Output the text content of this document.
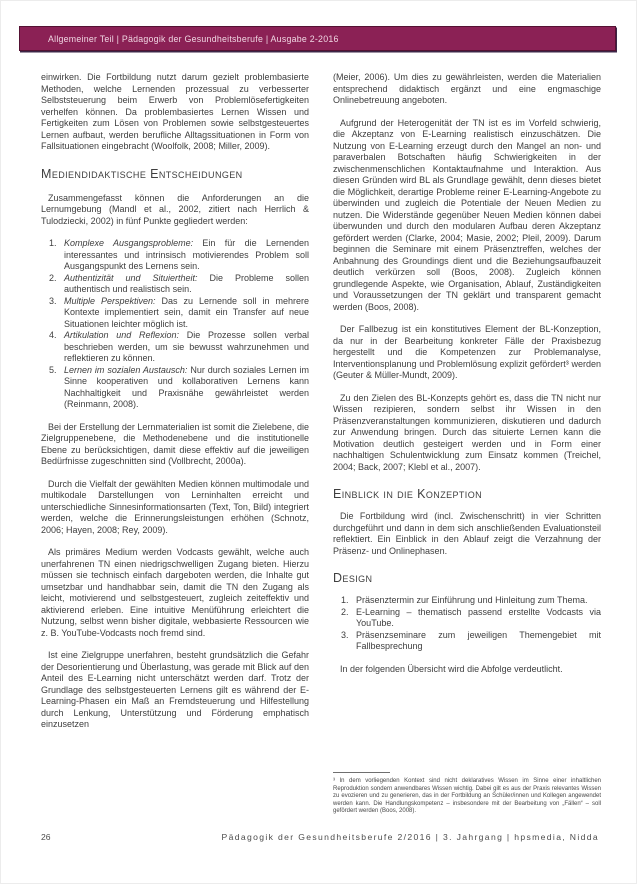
Allgemeiner Teil | Pädagogik der Gesundheitsberufe | Ausgabe 2-2016

einwirken. Die Fortbildung nutzt darum gezielt problembasierte Methoden, welche Lernenden prozessual zu verbesserter Selbststeuerung beim Erwerb von Problemlösefertigkeiten verhelfen können. Da problembasiertes Lernen Wissen und Fertigkeiten zum Lösen von Problemen sowie selbstgesteuertes Lernen aufbaut, werden berufliche Alltagssituationen in Form von Fallsituationen eingebracht (Woolfolk, 2008; Miller, 2009).

Mediendidaktische Entscheidungen

Zusammengefasst können die Anforderungen an die Lernumgebung (Mandl et al., 2002, zitiert nach Herrlich & Tulodziecki, 2002) in fünf Punkte gegliedert werden:

1. Komplexe Ausgangsprobleme: Ein für die Lernenden interessantes und intrinsisch motivierendes Problem soll Ausgangspunkt des Lernens sein.
2. Authentizität und Situiertheit: Die Probleme sollen authentisch und realistisch sein.
3. Multiple Perspektiven: Das zu Lernende soll in mehrere Kontexte implementiert sein, damit ein Transfer auf neue Situationen leichter möglich ist.
4. Artikulation und Reflexion: Die Prozesse sollen verbal beschrieben werden, um sie bewusst wahrzunehmen und reflektieren zu können.
5. Lernen im sozialen Austausch: Nur durch soziales Lernen im Sinne kooperativen und kollaborativen Lernens kann Nachhaltigkeit und Praxisnähe gewährleistet werden (Reinmann, 2008).

Bei der Erstellung der Lernmaterialien ist somit die Zielebene, die Zielgruppenebene, die Methodenebene und die institutionelle Ebene zu berücksichtigen, damit diese effektiv auf die jeweiligen Bedürfnisse zugeschnitten sind (Vollbrecht, 2000a).

Durch die Vielfalt der gewählten Medien können multimodale und multikodale Darstellungen von Lerninhalten erreicht und unterschiedliche Sinnesinformationsarten (Text, Ton, Bild) integriert werden, welche die Erinnerungsleistungen erhöhen (Schnotz, 2006; Hayen, 2008; Rey, 2009).

Als primäres Medium werden Vodcasts gewählt, welche auch unerfahrenen TN einen niedrigschwelligen Zugang bieten. Hierzu müssen sie technisch einfach dargeboten werden, die Inhalte gut umsetzbar und handhabbar sein, damit die TN den Zugang als leicht, motivierend und selbstgesteuert, zugleich zeiteffektiv und aktivierend erleben. Eine intuitive Menüführung erleichtert die Nutzung, selbst wenn bisher digitale, webbasierte Ressourcen wie z. B. YouTube-Vodcasts noch fremd sind.

Ist eine Zielgruppe unerfahren, besteht grundsätzlich die Gefahr der Desorientierung und Überlastung, was gerade mit Blick auf den Anteil des E-Learning nicht unterschätzt werden darf. Trotz der Grundlage des selbstgesteuerten Lernens gilt es während der E-Learning-Phasen ein Maß an Fremdsteuerung und Hilfestellung durch Lenkung, Unterstützung und Förderung emphatisch einzusetzen

(Meier, 2006). Um dies zu gewährleisten, werden die Materialien entsprechend didaktisch ergänzt und eine engmaschige Onlinebetreuung angeboten.

Aufgrund der Heterogenität der TN ist es im Vorfeld schwierig, die Akzeptanz von E-Learning realistisch einzuschätzen. Die Nutzung von E-Learning erzeugt durch den Mangel an non- und paraverbalen Botschaften häufig Schwierigkeiten in der zwischenmenschlichen Kontaktaufnahme und Interaktion. Aus diesen Gründen wird BL als Grundlage gewählt, denn dieses bietet die Möglichkeit, derartige Probleme reiner E-Learning-Angebote zu überwinden und zugleich die Potentiale der Neuen Medien zu nutzen. Die Widerstände gegenüber Neuen Medien können dabei überwunden und durch den modularen Aufbau deren Akzeptanz gefördert werden (Clarke, 2004; Masie, 2002; Pleil, 2009). Darum beginnen die Seminare mit einem Präsenztreffen, welches der Anbahnung des Groundings dient und die Beziehungsaufbauzeit deutlich verkürzen soll (Boos, 2008). Zugleich können grundlegende Aspekte, wie Organisation, Ablauf, Zuständigkeiten und Voraussetzungen der TN geklärt und transparent gemacht werden (Boos, 2008).

Der Fallbezug ist ein konstitutives Element der BL-Konzeption, da nur in der Bearbeitung konkreter Fälle der Praxisbezug hergestellt und die Kompetenzen zur Problemanalyse, Interventionsplanung und Problemlösung explizit gefördert³ werden (Geuter & Müller-Mundt, 2009).

Zu den Zielen des BL-Konzepts gehört es, dass die TN nicht nur Wissen rezipieren, sondern selbst ihr Wissen in den Präsenzveranstaltungen kommunizieren, diskutieren und dadurch zur Anwendung bringen. Durch das situierte Lernen kann die Motivation deutlich gesteigert werden und in Form einer nachhaltigen Schulentwicklung zum Einsatz kommen (Treichel, 2004; Back, 2007; Klebl et al., 2007).

Einblick in die Konzeption

Die Fortbildung wird (incl. Zwischenschritt) in vier Schritten durchgeführt und dann in dem sich anschließenden Evaluationsteil reflektiert. Ein Einblick in den Ablauf zeigt die Verzahnung der Präsenz- und Onlinephasen.

Design
1. Präsenztermin zur Einführung und Hinleitung zum Thema.
2. E-Learning – thematisch passend erstellte Vodcasts via YouTube.
3. Präsenzseminare zum jeweiligen Themengebiet mit Fallbesprechung

In der folgenden Übersicht wird die Abfolge verdeutlicht.

³ In dem vorliegenden Kontext sind nicht deklaratives Wissen im Sinne einer inhaltlichen Reproduktion sondern anwendbares Wissen wichtig. Dabei gilt es aus der Praxis relevantes Wissen zu evozieren und zu generieren, das in der Fortbildung an Schüler/innen und Kollegen angewendet werden kann. Die Handlungskompetenz – insbesondere mit der Bearbeitung von „Fällen“ – soll gefördert werden (Boos, 2008).
26	Pädagogik der Gesundheitsberufe 2/2016 | 3. Jahrgang | hpsmedia, Nidda
